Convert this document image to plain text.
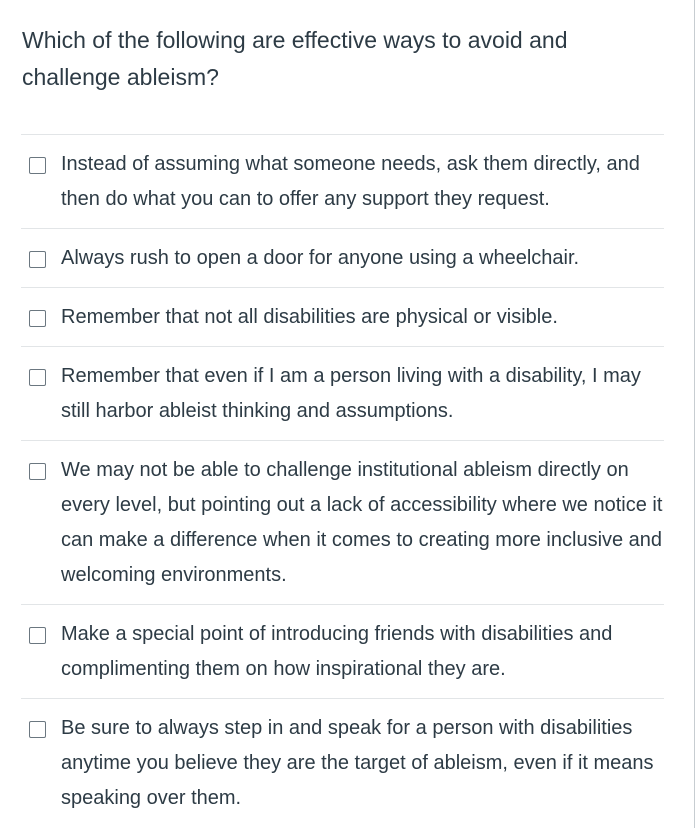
Which of the following are effective ways to avoid and challenge ableism?
Instead of assuming what someone needs, ask them directly, and then do what you can to offer any support they request.
Always rush to open a door for anyone using a wheelchair.
Remember that not all disabilities are physical or visible.
Remember that even if I am a person living with a disability, I may still harbor ableist thinking and assumptions.
We may not be able to challenge institutional ableism directly on every level, but pointing out a lack of accessibility where we notice it can make a difference when it comes to creating more inclusive and welcoming environments.
Make a special point of introducing friends with disabilities and complimenting them on how inspirational they are.
Be sure to always step in and speak for a person with disabilities anytime you believe they are the target of ableism, even if it means speaking over them.
